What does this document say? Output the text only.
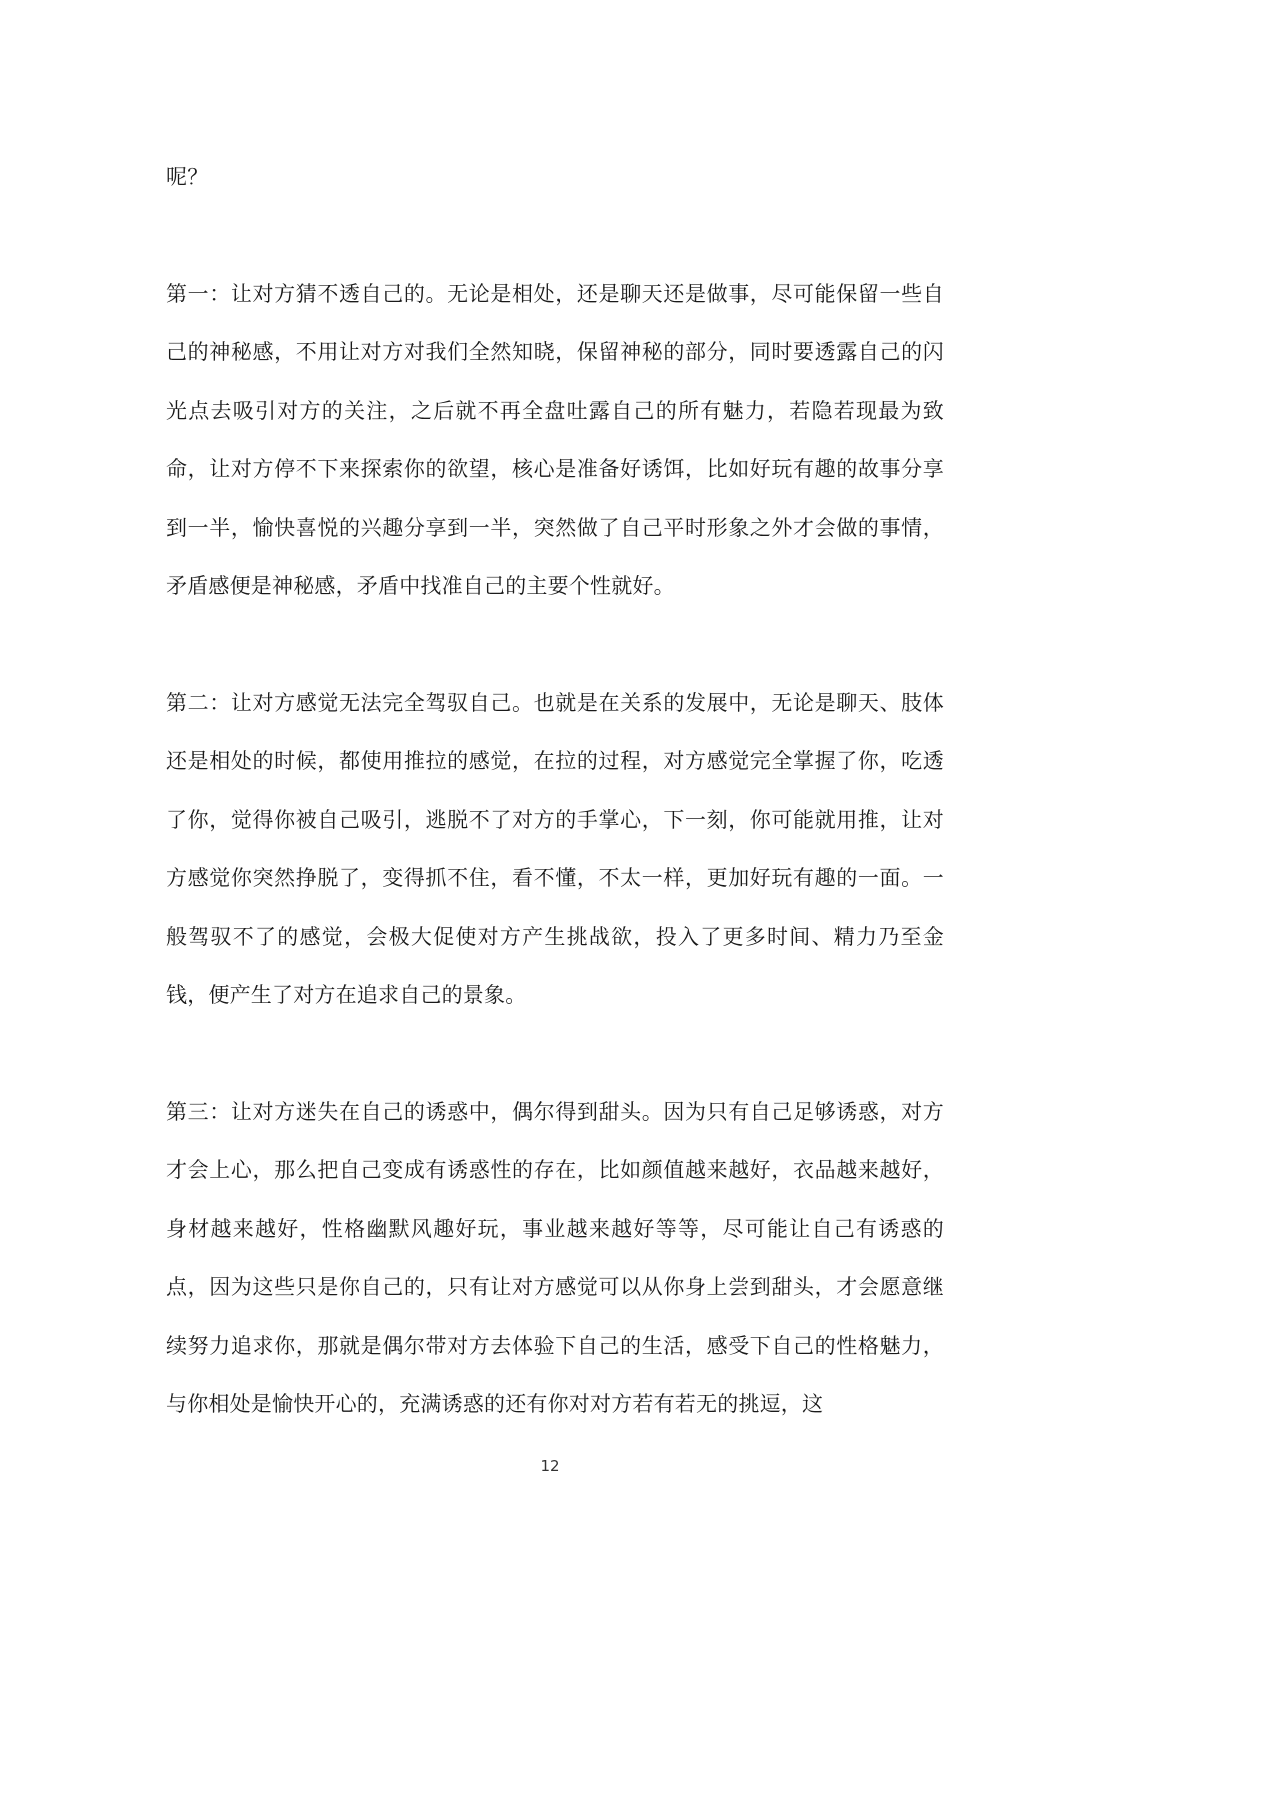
呢？

第一：让对方猜不透自己的。无论是相处，还是聊天还是做事，尽可能保留一些自己的神秘感，不用让对方对我们全然知晓，保留神秘的部分，同时要透露自己的闪光点去吸引对方的关注，之后就不再全盘吐露自己的所有魅力，若隐若现最为致命，让对方停不下来探索你的欲望，核心是准备好诱饵，比如好玩有趣的故事分享到一半，愉快喜悦的兴趣分享到一半，突然做了自己平时形象之外才会做的事情，矛盾感便是神秘感，矛盾中找准自己的主要个性就好。

第二：让对方感觉无法完全驾驭自己。也就是在关系的发展中，无论是聊天、肢体还是相处的时候，都使用推拉的感觉，在拉的过程，对方感觉完全掌握了你，吃透了你，觉得你被自己吸引，逃脱不了对方的手掌心，下一刻，你可能就用推，让对方感觉你突然挣脱了，变得抓不住，看不懂，不太一样，更加好玩有趣的一面。一般驾驭不了的感觉，会极大促使对方产生挑战欲，投入了更多时间、精力乃至金钱，便产生了对方在追求自己的景象。

第三：让对方迷失在自己的诱惑中，偶尔得到甜头。因为只有自己足够诱惑，对方才会上心，那么把自己变成有诱惑性的存在，比如颜值越来越好，衣品越来越好，身材越来越好，性格幽默风趣好玩，事业越来越好等等，尽可能让自己有诱惑的点，因为这些只是你自己的，只有让对方感觉可以从你身上尝到甜头，才会愿意继续努力追求你，那就是偶尔带对方去体验下自己的生活，感受下自己的性格魅力，与你相处是愉快开心的，充满诱惑的还有你对对方若有若无的挑逗，这

12
